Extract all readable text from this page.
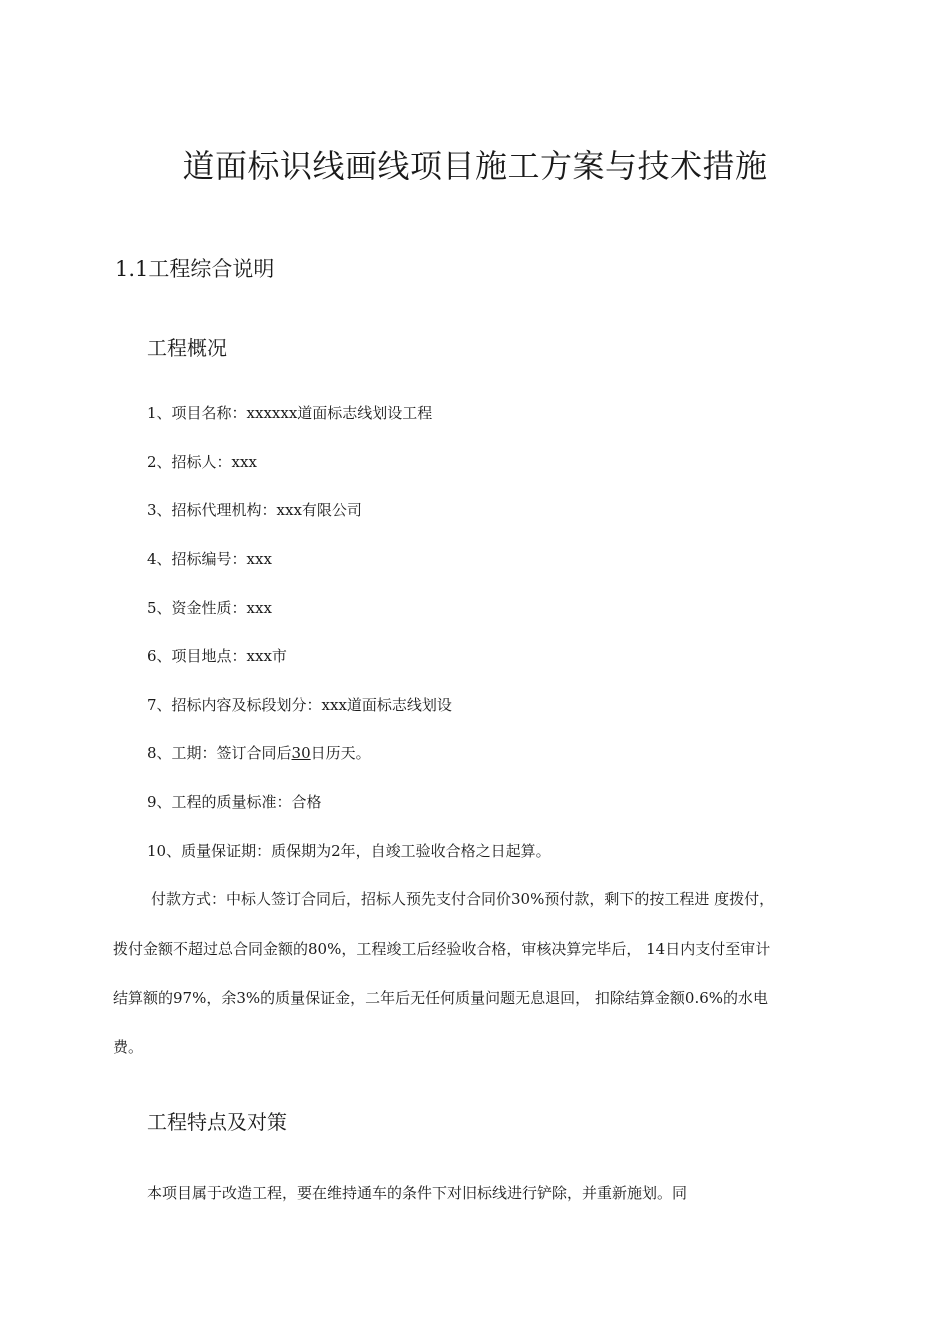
道面标识线画线项目施工方案与技术措施
1.1工程综合说明
工程概况
1、项目名称：xxxxxx道面标志线划设工程
2、招标人：xxx
3、招标代理机构：xxx有限公司
4、招标编号：xxx
5、资金性质：xxx
6、项目地点：xxx市
7、招标内容及标段划分：xxx道面标志线划设
8、工期：签订合同后30日历天。
9、工程的质量标准：合格
10、质量保证期：质保期为2年，自竣工验收合格之日起算。
付款方式：中标人签订合同后，招标人预先支付合同价30%预付款，剩下的按工程进 度拨付，
拨付金额不超过总合同金额的80%，工程竣工后经验收合格，审核决算完毕后， 14日内支付至审计
结算额的97%，余3%的质量保证金，二年后无任何质量问题无息退回， 扣除结算金额0.6%的水电
费。
工程特点及对策
本项目属于改造工程，要在维持通车的条件下对旧标线进行铲除，并重新施划。同
